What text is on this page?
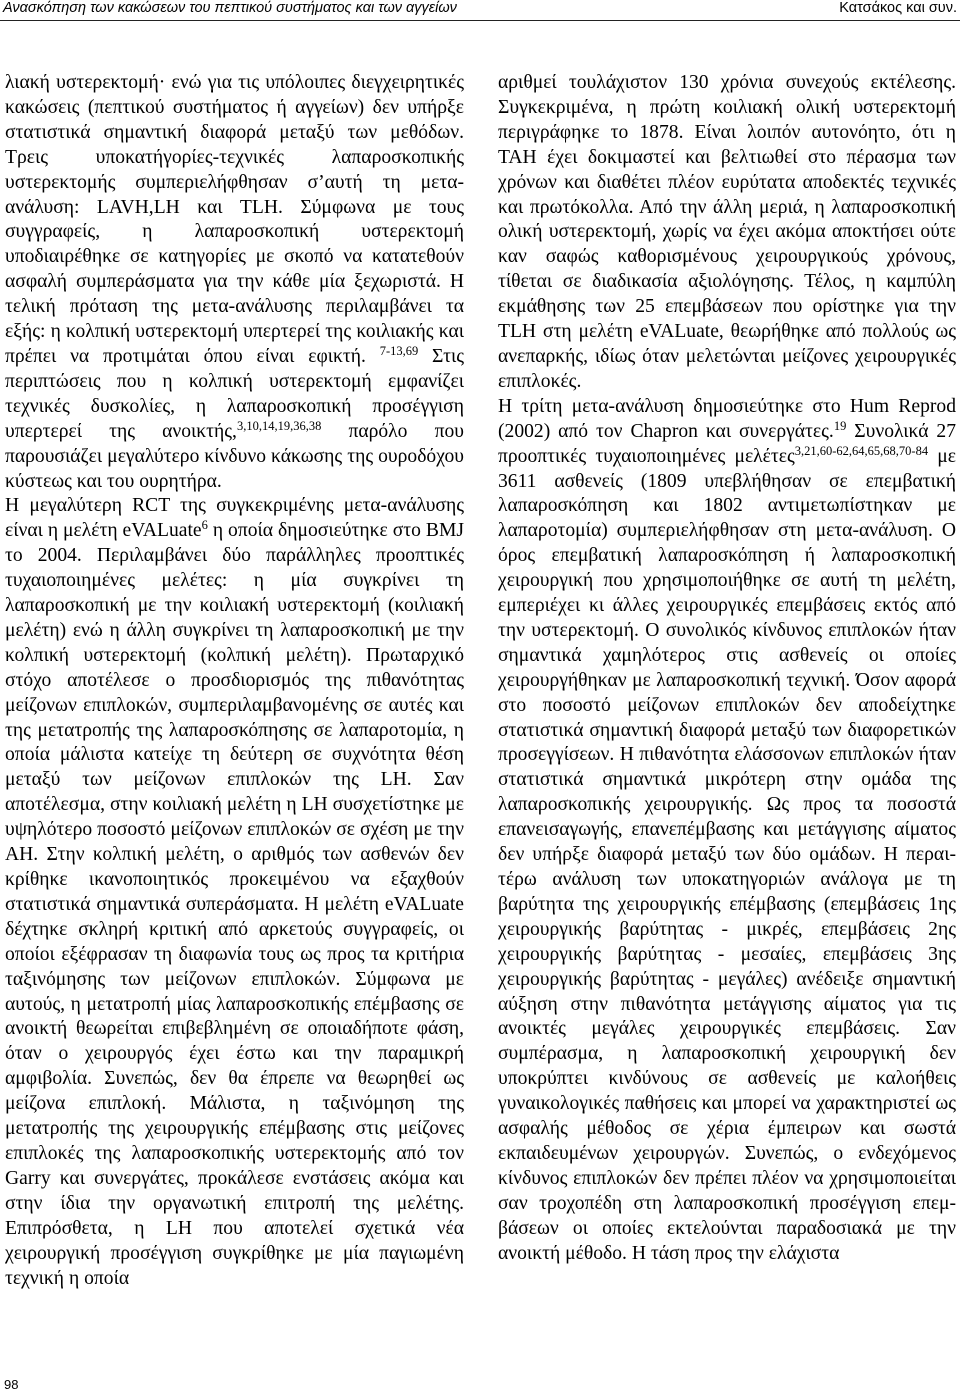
Ανασκόπηση των κακώσεων του πεπτικού συστήματος και των αγγείων	Κατσάκος και συν.

λιακή υστερεκτομή· ενώ για τις υπόλοιπες διεγχειρητικές κακώσεις (πεπτικού συστήματος ή αγγείων) δεν υπήρξε στατιστικά σημαντική διαφορά μεταξύ των μεθόδων. Τρεις υποκατήγορίες-τεχνικές λαπαροσκοπικής υστερεκτομής συμπεριελήφθησαν σ’αυτή τη μετα-ανάλυση: LAVH,LH και TLH. Σύμφωνα με τους συγγραφείς, η λαπαροσκοπική υστερεκτομή υποδιαιρέθηκε σε κατηγορίες με σκοπό να κατατεθούν ασφαλή συμπεράσματα για την κάθε μία ξεχωριστά. Η τελική πρόταση της μετα-ανάλυσης περιλαμβάνει τα εξής: η κολπική υστερεκτομή υπερτερεί της κοιλιακής και πρέπει να προτιμάται όπου είναι εφικτή. $^{7-13,69}$ Στις περιπτώσεις που η κολπική υστερεκτομή εμφανίζει τεχνικές δυσκολίες, η λαπαροσκοπική προσέγγιση υπερτερεί της ανοικτής,$^{3,10,14,19,36,38}$ παρόλο που παρουσιάζει μεγαλύτερο κίνδυνο κάκωσης της ουροδόχου κύστεως και του ουρητήρα.

Η μεγαλύτερη RCT της συγκεκριμένης μετα-ανάλυσης είναι η μελέτη eVALuate$^6$ η οποία δημοσιεύτηκε στο BMJ το 2004. Περιλαμβάνει δύο παράλληλες προοπτικές τυχαιοποιημένες μελέτες: η μία συγκρίνει τη λαπαροσκοπική με την κοιλιακή υστερεκτομή (κοιλιακή μελέτη) ενώ η άλλη συγκρίνει τη λαπαροσκοπική με την κολπική υστερεκτομή (κολπική μελέτη). Πρωταρχικό στόχο αποτέλεσε ο προσδιορισμός της πιθανότητας μείζονων επιπλοκών, συμπεριλαμβανομένης σε αυτές και της μετατροπής της λαπαροσκόπησης σε λαπαροτομία, η οποία μάλιστα κατείχε τη δεύτερη σε συχνότητα θέση μεταξύ των μείζονων επιπλοκών της LH. Σαν αποτέλεσμα, στην κοιλιακή μελέτη η LH συσχετίστηκε με υψηλότερο ποσοστό μείζονων επιπλοκών σε σχέση με την AH. Στην κολπική μελέτη, ο αριθμός των ασθενών δεν κρίθηκε ικανοποιητικός προκειμένου να εξαχθούν στατιστικά σημαντικά συπεράσματα. Η μελέτη eVALuate δέχτηκε σκληρή κριτική από αρκετούς συγγραφείς, οι οποίοι εξέφρασαν τη διαφωνία τους ως προς τα κριτήρια ταξινόμησης των μείζονων επιπλοκών. Σύμφωνα με αυτούς, η μετατροπή μίας λαπαροσκοπικής επέμβασης σε ανοικτή θεωρείται επιβεβλημένη σε οποιαδήποτε φάση, όταν ο χειρουργός έχει έστω και την παραμικρή αμφιβολία. Συνεπώς, δεν θα έπρεπε να θεωρηθεί ως μείζονα επιπλοκή. Μάλιστα, η ταξινόμηση της μετατροπής της χειρουργικής επέμβασης στις μείζονες επιπλοκές της λαπαροσκοπικής υστερεκτομής από τον Garry και συνεργάτες, προκάλεσε ενστάσεις ακόμα και στην ίδια την οργανωτική επιτροπή της μελέτης. Επιπρόσθετα, η LH που αποτελεί σχετικά νέα χειρουργική προσέγγιση συγκρίθηκε με μία παγιωμένη τεχνική η οποία

αριθμεί τουλάχιστον 130 χρόνια συνεχούς εκτέλεσης. Συγκεκριμένα, η πρώτη κοιλιακή ολική υστερεκτομή περιγράφηκε το 1878. Είναι λοιπόν αυτονόητο, ότι η TAH έχει δοκιμαστεί και βελτιωθεί στο πέρασμα των χρόνων και διαθέτει πλέον ευρύτατα αποδεκτές τεχνικές και πρωτόκολλα. Από την άλλη μεριά, η λαπαροσκοπική ολική υστερεκτομή, χωρίς να έχει ακόμα αποκτήσει ούτε καν σαφώς καθορισμένους χειρουργικούς χρόνους, τίθεται σε διαδικασία αξιολόγησης. Τέλος, η καμπύλη εκμάθησης των 25 επεμβάσεων που ορίστηκε για την TLH στη μελέτη eVALuate, θεωρήθηκε από πολλούς ως ανεπαρκής, ιδίως όταν μελετώνται μείζονες χειρουργικές επιπλοκές.

Η τρίτη μετα-ανάλυση δημοσιεύτηκε στο Hum Reprod (2002) από τον Chapron και συνεργάτες.$^{19}$ Συνολικά 27 προοπτικές τυχαιοποιημένες μελέτες$^{3,21,60-62,64,65,68,70-84}$ με 3611 ασθενείς (1809 υπεβλήθησαν σε επεμβατική λαπαροσκόπηση και 1802 αντιμετωπίστηκαν με λαπαροτομία) συμπεριελήφθησαν στη μετα-ανάλυση. Ο όρος επεμβατική λαπαροσκόπηση ή λαπαροσκοπική χειρουργική που χρησιμοποιήθηκε σε αυτή τη μελέτη, εμπεριέχει κι άλλες χειρουργικές επεμβάσεις εκτός από την υστερεκτομή. Ο συνολικός κίνδυνος επιπλοκών ήταν σημαντικά χαμηλότερος στις ασθενείς οι οποίες χειρουργήθηκαν με λαπαροσκοπική τεχνική. Όσον αφορά στο ποσοστό μείζονων επιπλοκών δεν αποδείχτηκε στατιστικά σημαντική διαφορά μεταξύ των διαφορετικών προσεγγίσεων. Η πιθανότητα ελάσσονων επιπλοκών ήταν στατιστικά σημαντικά μικρότερη στην ομάδα της λαπαροσκοπικής χειρουργικής. Ως προς τα ποσοστά επανεισαγωγής, επανεπέμβασης και μετάγγισης αίματος δεν υπήρξε διαφορά μεταξύ των δύο ομάδων. Η περαιτέρω ανάλυση των υποκατηγοριών ανάλογα με τη βαρύτητα της χειρουργικής επέμβασης (επεμβάσεις 1ης χειρουργικής βαρύτητας - μικρές, επεμβάσεις 2ης χειρουργικής βαρύτητας - μεσαίες, επεμβάσεις 3ης χειρουργικής βαρύτητας - μεγάλες) ανέδειξε σημαντική αύξηση στην πιθανότητα μετάγγισης αίματος για τις ανοικτές μεγάλες χειρουργικές επεμβάσεις. Σαν συμπέρασμα, η λαπαροσκοπική χειρουργική δεν υποκρύπτει κινδύνους σε ασθενείς με καλοήθεις γυναικολογικές παθήσεις και μπορεί να χαρακτηριστεί ως ασφαλής μέθοδος σε χέρια έμπειρων και σωστά εκπαιδευμένων χειρουργών. Συνεπώς, ο ενδεχόμενος κίνδυνος επιπλοκών δεν πρέπει πλέον να χρησιμοποιείται σαν τροχοπέδη στη λαπαροσκοπική προσέγγιση επεμβάσεων οι οποίες εκτελούνται παραδοσιακά με την ανοικτή μέθοδο. Η τάση προς την ελάχιστα

98
